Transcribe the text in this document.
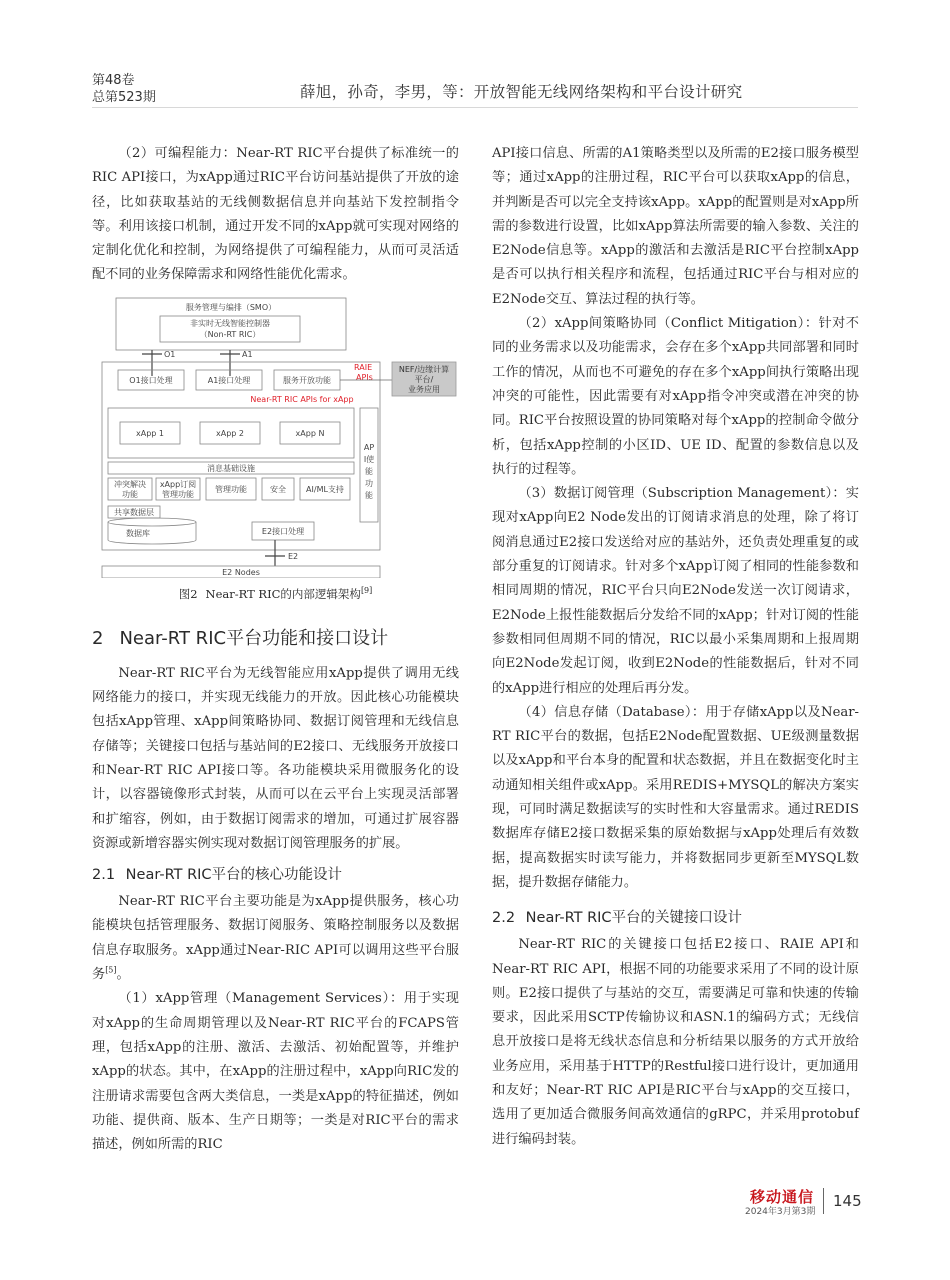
第48卷
总第523期	薛旭，孙奇，李男，等：开放智能无线网络架构和平台设计研究

（2）可编程能力：Near-RT RIC平台提供了标准统一的RIC API接口，为xApp通过RIC平台访问基站提供了开放的途径，比如获取基站的无线侧数据信息并向基站下发控制指令等。利用该接口机制，通过开发不同的xApp就可实现对网络的定制化优化和控制，为网络提供了可编程能力，从而可灵活适配不同的业务保障需求和网络性能优化需求。

服务管理与编排（SMO）
非实时无线智能控制器
（Non-RT RIC）
O1	A1
O1接口处理	A1接口处理	服务开放功能
RAIE
APIs
NEF/边缘计算
平台/
业务应用
Near-RT RIC APIs for xApp
xApp 1	xApp 2	xApp N
AP
I使
能
功
能
消息基础设施
冲突解决
功能
xApp订阅
管理功能
管理功能	安全	AI/ML支持
共享数据层
数据库	E2接口处理
E2
E2 Nodes
图2 Near-RT RIC的内部逻辑架构[9]
2 Near-RT RIC平台功能和接口设计

Near-RT RIC平台为无线智能应用xApp提供了调用无线网络能力的接口，并实现无线能力的开放。因此核心功能模块包括xApp管理、xApp间策略协同、数据订阅管理和无线信息存储等；关键接口包括与基站间的E2接口、无线服务开放接口和Near-RT RIC API接口等。各功能模块采用微服务化的设计，以容器镜像形式封装，从而可以在云平台上实现灵活部署和扩缩容，例如，由于数据订阅需求的增加，可通过扩展容器资源或新增容器实例实现对数据订阅管理服务的扩展。

2.1 Near-RT RIC平台的核心功能设计

Near-RT RIC平台主要功能是为xApp提供服务，核心功能模块包括管理服务、数据订阅服务、策略控制服务以及数据信息存取服务。xApp通过Near-RIC API可以调用这些平台服务[5]。

（1）xApp管理（Management Services）：用于实现对xApp的生命周期管理以及Near-RT RIC平台的FCAPS管理，包括xApp的注册、激活、去激活、初始配置等，并维护xApp的状态。其中，在xApp的注册过程中，xApp向RIC发的注册请求需要包含两大类信息，一类是xApp的特征描述，例如功能、提供商、版本、生产日期等；一类是对RIC平台的需求描述，例如所需的RIC

API接口信息、所需的A1策略类型以及所需的E2接口服务模型等；通过xApp的注册过程，RIC平台可以获取xApp的信息，并判断是否可以完全支持该xApp。xApp的配置则是对xApp所需的参数进行设置，比如xApp算法所需要的输入参数、关注的E2Node信息等。xApp的激活和去激活是RIC平台控制xApp是否可以执行相关程序和流程，包括通过RIC平台与相对应的E2Node交互、算法过程的执行等。

（2）xApp间策略协同（Conflict Mitigation）：针对不同的业务需求以及功能需求，会存在多个xApp共同部署和同时工作的情况，从而也不可避免的存在多个xApp间执行策略出现冲突的可能性，因此需要有对xApp指令冲突或潜在冲突的协同。RIC平台按照设置的协同策略对每个xApp的控制命令做分析，包括xApp控制的小区ID、UE ID、配置的参数信息以及执行的过程等。

（3）数据订阅管理（Subscription Management）：实现对xApp向E2 Node发出的订阅请求消息的处理，除了将订阅消息通过E2接口发送给对应的基站外，还负责处理重复的或部分重复的订阅请求。针对多个xApp订阅了相同的性能参数和相同周期的情况，RIC平台只向E2Node发送一次订阅请求，E2Node上报性能数据后分发给不同的xApp；针对订阅的性能参数相同但周期不同的情况，RIC以最小采集周期和上报周期向E2Node发起订阅，收到E2Node的性能数据后，针对不同的xApp进行相应的处理后再分发。

（4）信息存储（Database）：用于存储xApp以及Near-RT RIC平台的数据，包括E2Node配置数据、UE级测量数据以及xApp和平台本身的配置和状态数据，并且在数据变化时主动通知相关组件或xApp。采用REDIS+MYSQL的解决方案实现，可同时满足数据读写的实时性和大容量需求。通过REDIS数据库存储E2接口数据采集的原始数据与xApp处理后有效数据，提高数据实时读写能力，并将数据同步更新至MYSQL数据，提升数据存储能力。

2.2 Near-RT RIC平台的关键接口设计

Near-RT RIC的关键接口包括E2接口、RAIE API和Near-RT RIC API，根据不同的功能要求采用了不同的设计原则。E2接口提供了与基站的交互，需要满足可靠和快速的传输要求，因此采用SCTP传输协议和ASN.1的编码方式；无线信息开放接口是将无线状态信息和分析结果以服务的方式开放给业务应用，采用基于HTTP的Restful接口进行设计，更加通用和友好；Near-RT RIC API是RIC平台与xApp的交互接口，选用了更加适合微服务间高效通信的gRPC，并采用protobuf进行编码封装。

移动通信
2024年3月第3期
145
